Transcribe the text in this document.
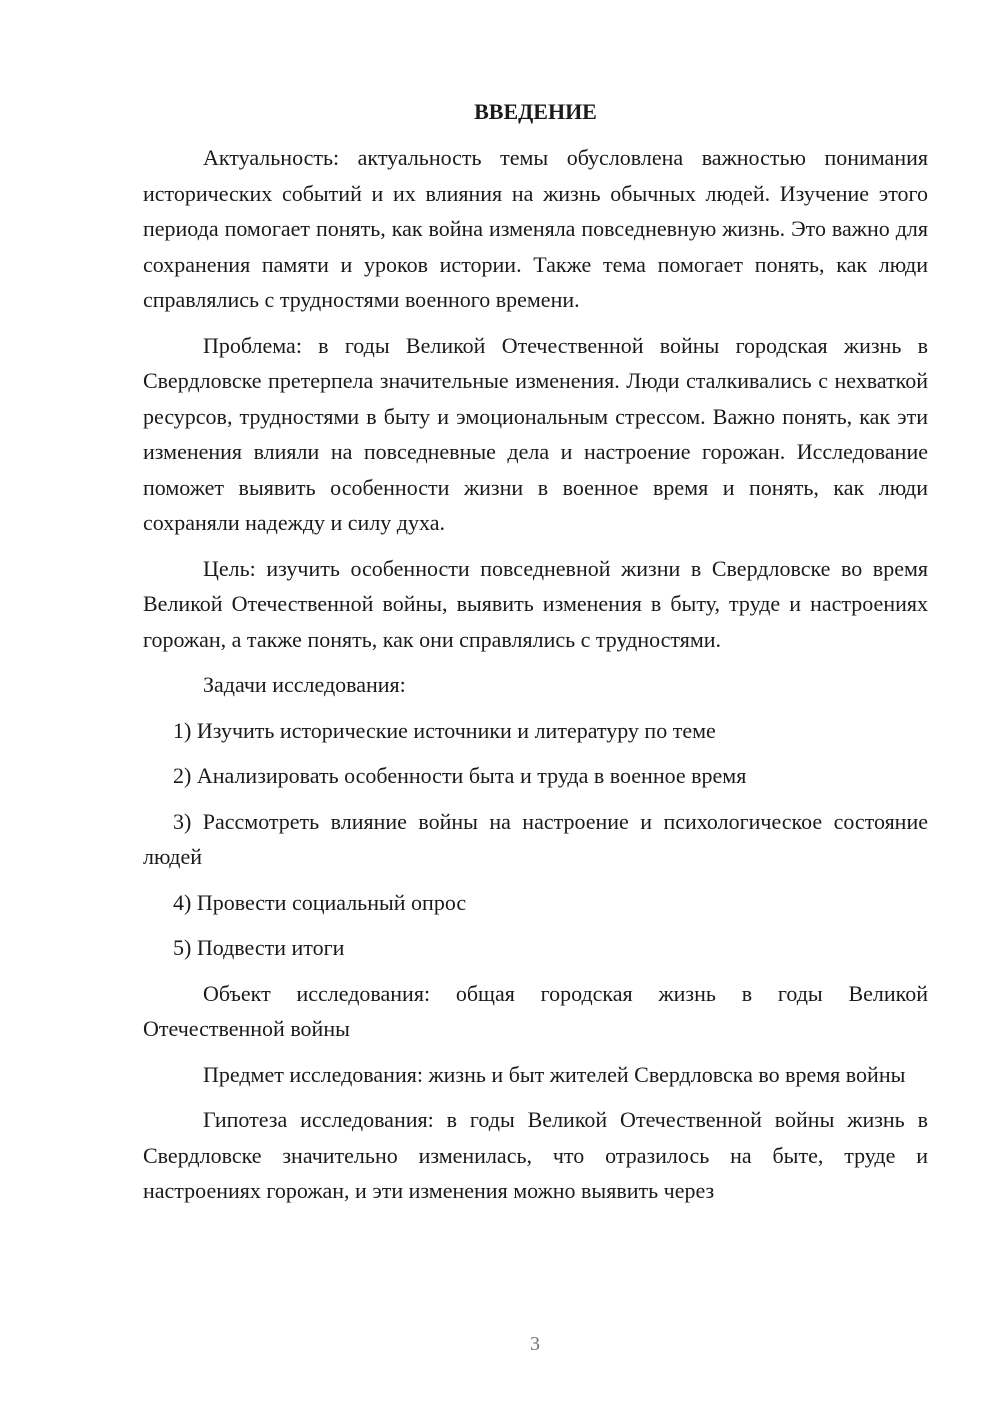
ВВЕДЕНИЕ
Актуальность: актуальность темы обусловлена важностью понимания исторических событий и их влияния на жизнь обычных людей. Изучение этого периода помогает понять, как война изменяла повседневную жизнь. Это важно для сохранения памяти и уроков истории. Также тема помогает понять, как люди справлялись с трудностями военного времени.
Проблема: в годы Великой Отечественной войны городская жизнь в Свердловске претерпела значительные изменения. Люди сталкивались с нехваткой ресурсов, трудностями в быту и эмоциональным стрессом. Важно понять, как эти изменения влияли на повседневные дела и настроение горожан. Исследование поможет выявить особенности жизни в военное время и понять, как люди сохраняли надежду и силу духа.
Цель: изучить особенности повседневной жизни в Свердловске во время Великой Отечественной войны, выявить изменения в быту, труде и настроениях горожан, а также понять, как они справлялись с трудностями.
Задачи исследования:
1) Изучить исторические источники и литературу по теме
2) Анализировать особенности быта и труда в военное время
3) Рассмотреть влияние войны на настроение и психологическое состояние людей
4) Провести социальный опрос
5) Подвести итоги
Объект исследования: общая городская жизнь в годы Великой Отечественной войны
Предмет исследования: жизнь и быт жителей Свердловска во время войны
Гипотеза исследования: в годы Великой Отечественной войны жизнь в Свердловске значительно изменилась, что отразилось на быте, труде и настроениях горожан, и эти изменения можно выявить через
3
